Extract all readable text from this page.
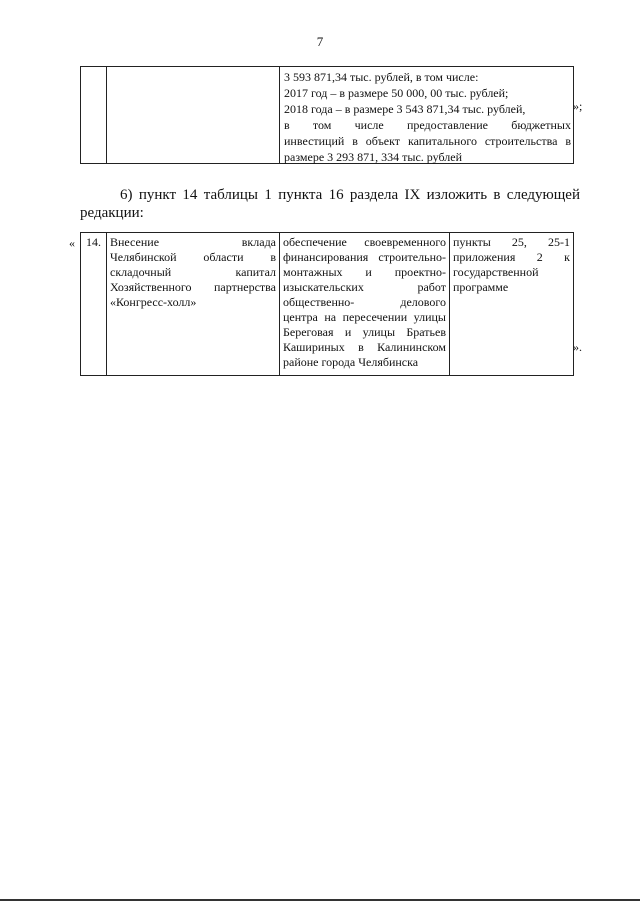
7
3 593 871,34 тыс. рублей, в том числе:
2017 год – в размере 50 000, 00 тыс. рублей;
2018 года – в размере 3 543 871,34 тыс. рублей,
в том числе предоставление бюджетных
инвестиций в объект капитального строительства в
размере 3 293 871, 334 тыс. рублей
»;
6) пункт 14 таблицы 1 пункта 16 раздела IX изложить в следующей
редакции:
« 14. Внесение вклада
Челябинской области в
складочный капитал
Хозяйственного партнерства
«Конгресс-холл»
обеспечение своевременного
финансирования строительно-
монтажных и проектно-
изыскательских работ
общественно- делового
центра на пересечении улицы Береговая и улицы Братьев Кашириных в Калининском районе города Челябинска
пункты 25, 25-1
приложения 2 к
государственной программе
».
